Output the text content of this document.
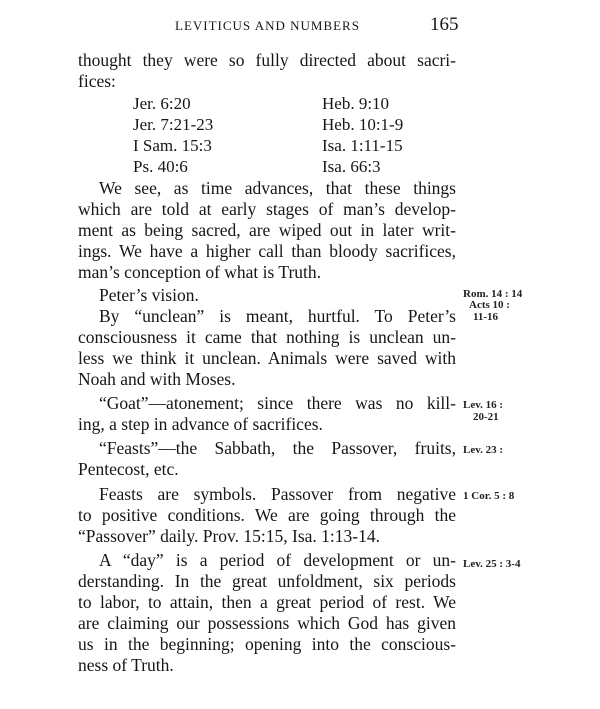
LEVITICUS AND NUMBERS	165
thought they were so fully directed about sacri-
fices:
Jer. 6:20	Heb. 9:10
Jer. 7:21-23	Heb. 10:1-9
I Sam. 15:3	Isa. 1:11-15
Ps. 40:6	Isa. 66:3
We see, as time advances, that these things
which are told at early stages of man’s develop-
ment as being sacred, are wiped out in later writ-
ings. We have a higher call than bloody sacrifices,
man’s conception of what is Truth.
Peter’s vision.
By “unclean” is meant, hurtful. To Peter’s
consciousness it came that nothing is unclean un-
less we think it unclean. Animals were saved with
Noah and with Moses.
“Goat”—atonement; since there was no kill-
ing, a step in advance of sacrifices.
“Feasts”—the Sabbath, the Passover, fruits,
Pentecost, etc.
Feasts are symbols. Passover from negative
to positive conditions. We are going through the
“Passover” daily. Prov. 15:15, Isa. 1:13-14.
A “day” is a period of development or un-
derstanding. In the great unfoldment, six periods
to labor, to attain, then a great period of rest. We
are claiming our possessions which God has given
us in the beginning; opening into the conscious-
ness of Truth.
Rom. 14 : 14
Acts 10 :
11-16
Lev. 16 :
20-21
Lev. 23 :
1 Cor. 5 : 8
Lev. 25 : 3-4
